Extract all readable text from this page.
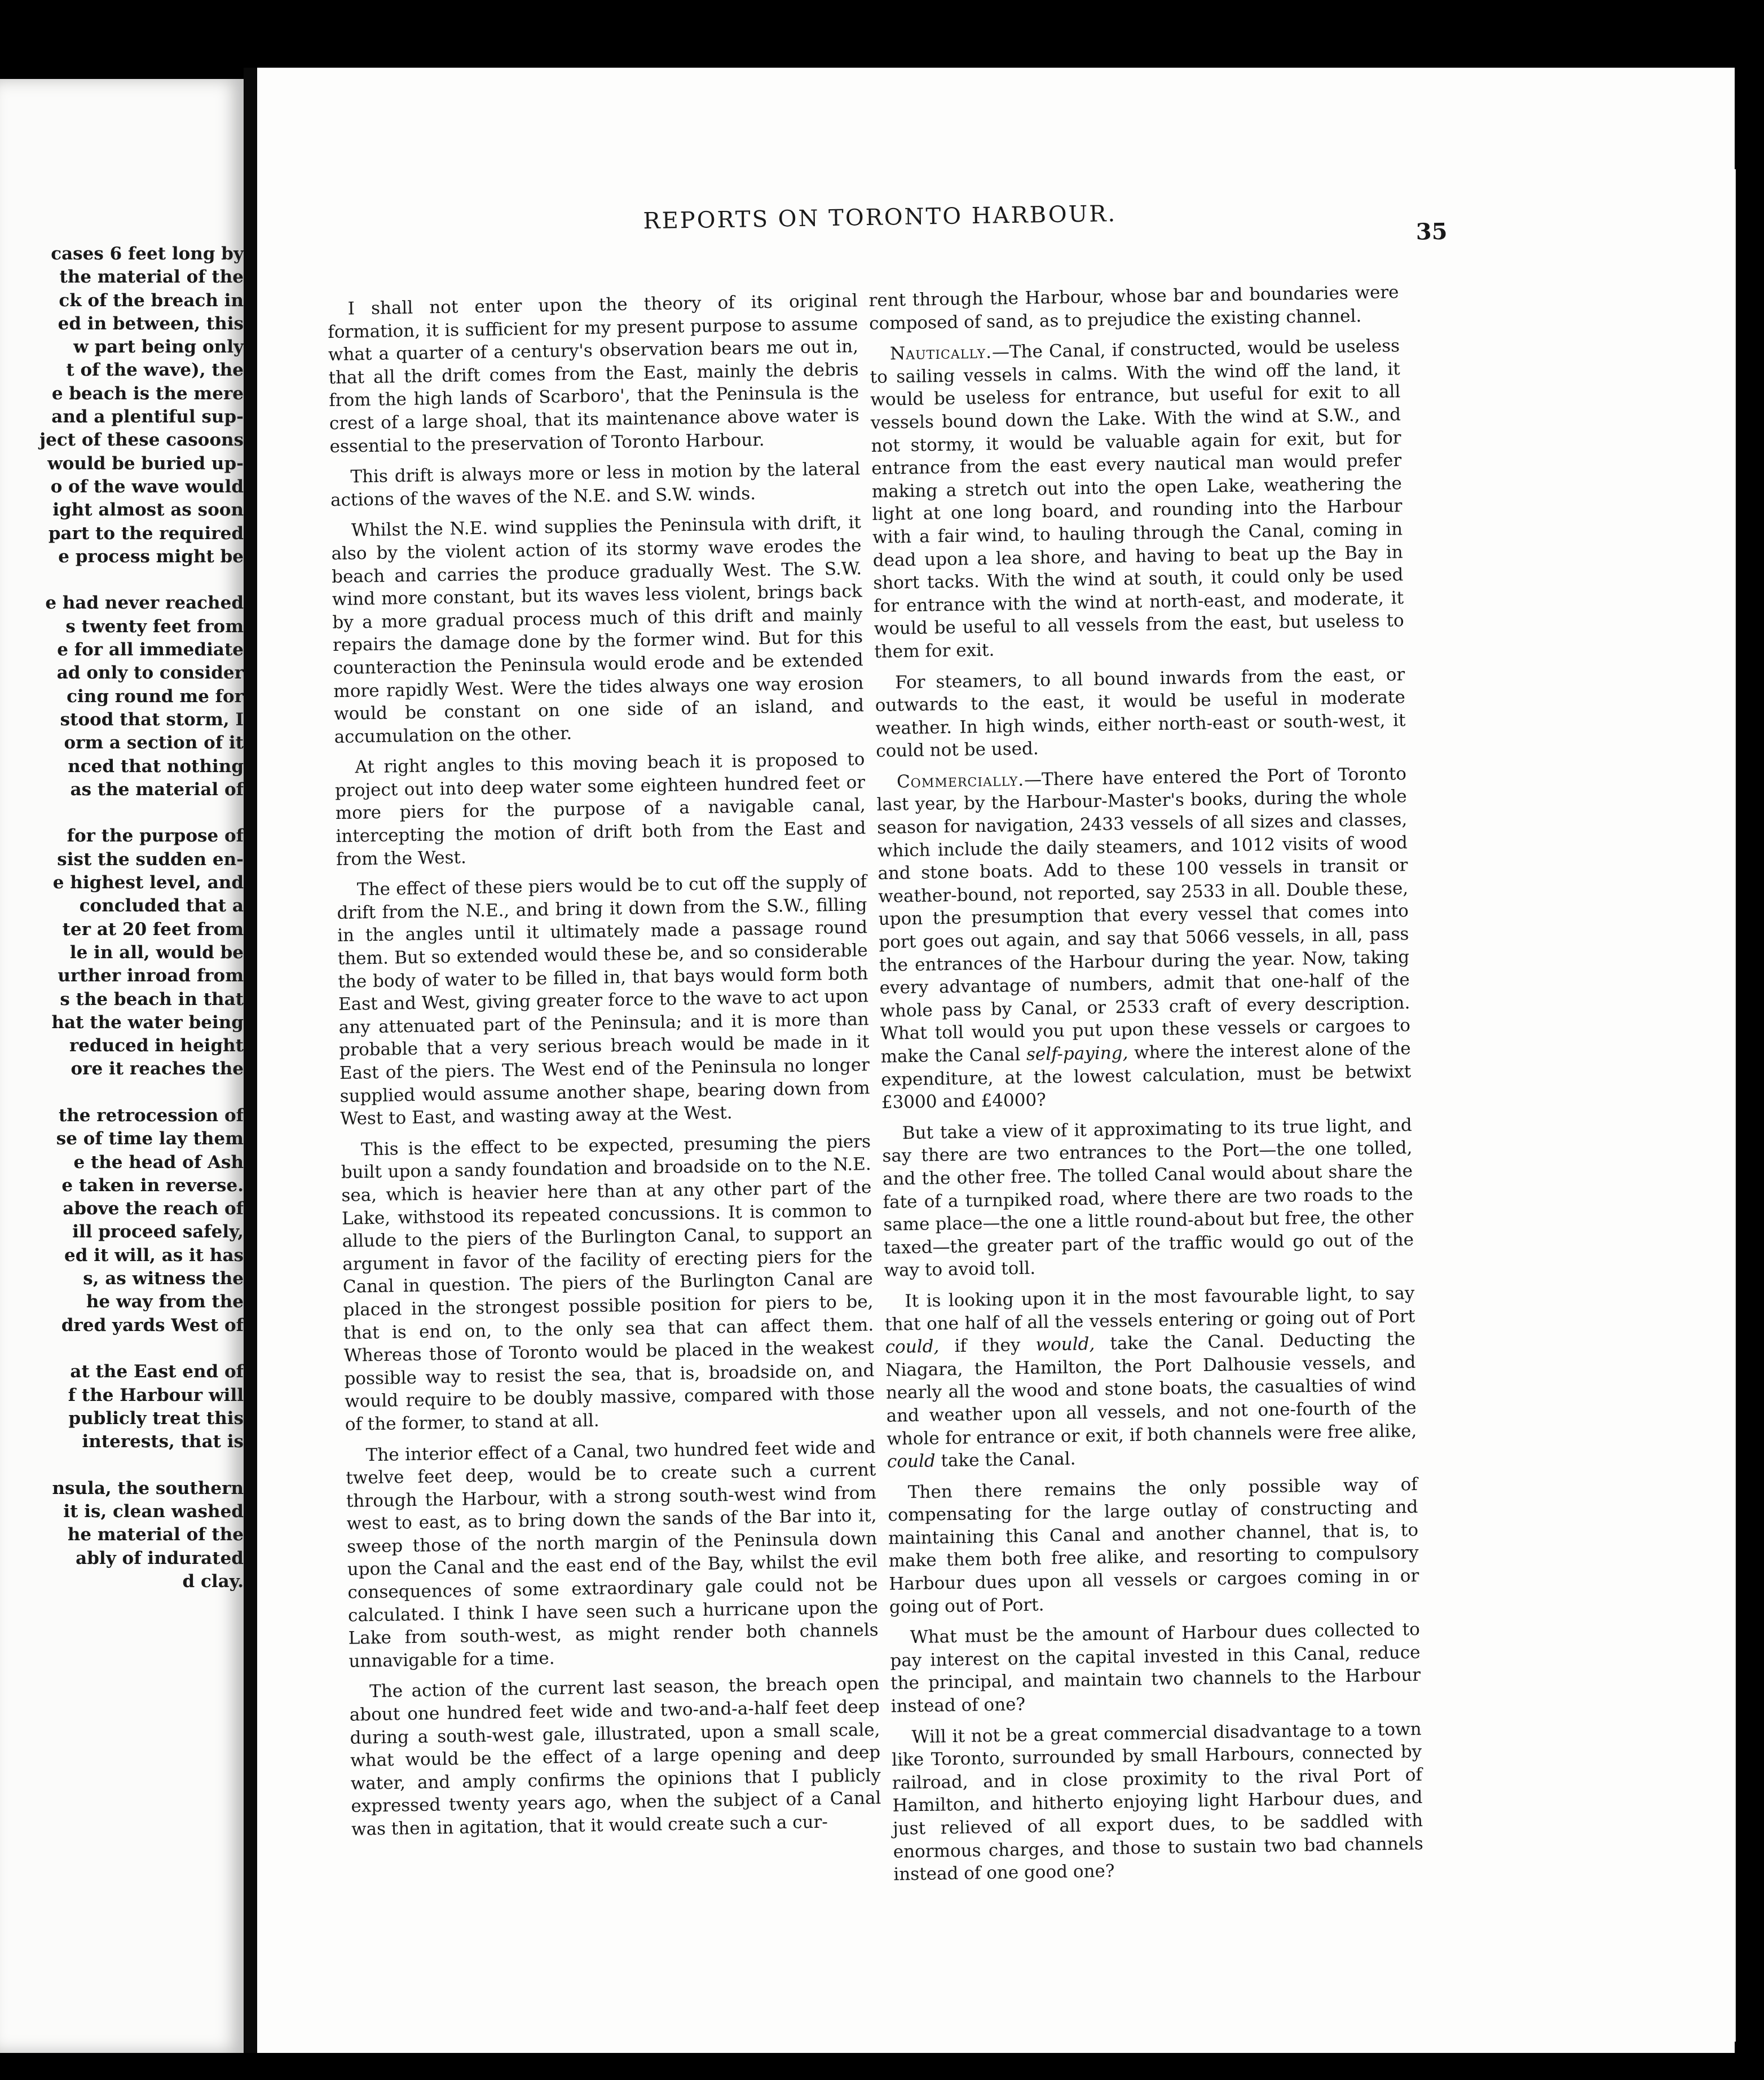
cases 6 feet long by
the material of the
ck of the breach in
ed in between, this
w part being only
t of the wave), the
e beach is the mere
and a plentiful sup-
ject of these casoons
would be buried up-
o of the wave would
ight almost as soon
part to the required
e process might be
e had never reached
s twenty feet from
e for all immediate
ad only to consider
cing round me for
stood that storm, I
orm a section of it
nced that nothing
as the material of
for the purpose of
sist the sudden en-
e highest level, and
concluded that a
ter at 20 feet from
le in all, would be
urther inroad from
s the beach in that
hat the water being
reduced in height
ore it reaches the
the retrocession of
se of time lay them
e the head of Ash
e taken in reverse.
above the reach of
ill proceed safely,
ed it will, as it has
s, as witness the
he way from the
dred yards West of
at the East end of
f the Harbour will
publicly treat this
interests, that is
nsula, the southern
it is, clean washed
he material of the
ably of indurated
d clay.
REPORTS ON TORONTO HARBOUR.	35

I shall not enter upon the theory of its original formation, it is sufficient for my present purpose to assume what a quarter of a century's observation bears me out in, that all the drift comes from the East, mainly the debris from the high lands of Scarboro', that the Peninsula is the crest of a large shoal, that its maintenance above water is essential to the preservation of Toronto Harbour.

This drift is always more or less in motion by the lateral actions of the waves of the N.E. and S.W. winds.

Whilst the N.E. wind supplies the Peninsula with drift, it also by the violent action of its stormy wave erodes the beach and carries the produce gradually West. The S.W. wind more constant, but its waves less violent, brings back by a more gradual process much of this drift and mainly repairs the damage done by the former wind. But for this counteraction the Peninsula would erode and be extended more rapidly West. Were the tides always one way erosion would be constant on one side of an island, and accumulation on the other.

At right angles to this moving beach it is proposed to project out into deep water some eighteen hundred feet or more piers for the purpose of a navigable canal, intercepting the motion of drift both from the East and from the West.

The effect of these piers would be to cut off the supply of drift from the N.E., and bring it down from the S.W., filling in the angles until it ultimately made a passage round them. But so extended would these be, and so considerable the body of water to be filled in, that bays would form both East and West, giving greater force to the wave to act upon any attenuated part of the Peninsula; and it is more than probable that a very serious breach would be made in it East of the piers. The West end of the Peninsula no longer supplied would assume another shape, bearing down from West to East, and wasting away at the West.

This is the effect to be expected, presuming the piers built upon a sandy foundation and broadside on to the N.E. sea, which is heavier here than at any other part of the Lake, withstood its repeated concussions. It is common to allude to the piers of the Burlington Canal, to support an argument in favor of the facility of erecting piers for the Canal in question. The piers of the Burlington Canal are placed in the strongest possible position for piers to be, that is end on, to the only sea that can affect them. Whereas those of Toronto would be placed in the weakest possible way to resist the sea, that is, broadside on, and would require to be doubly massive, compared with those of the former, to stand at all.

The interior effect of a Canal, two hundred feet wide and twelve feet deep, would be to create such a current through the Harbour, with a strong south-west wind from west to east, as to bring down the sands of the Bar into it, sweep those of the north margin of the Peninsula down upon the Canal and the east end of the Bay, whilst the evil consequences of some extraordinary gale could not be calculated. I think I have seen such a hurricane upon the Lake from south-west, as might render both channels unnavigable for a time.

The action of the current last season, the breach open about one hundred feet wide and two-and-a-half feet deep during a south-west gale, illustrated, upon a small scale, what would be the effect of a large opening and deep water, and amply confirms the opinions that I publicly expressed twenty years ago, when the subject of a Canal was then in agitation, that it would create such a cur-

rent through the Harbour, whose bar and boundaries were composed of sand, as to prejudice the existing channel.

Nautically.—The Canal, if constructed, would be useless to sailing vessels in calms. With the wind off the land, it would be useless for entrance, but useful for exit to all vessels bound down the Lake. With the wind at S.W., and not stormy, it would be valuable again for exit, but for entrance from the east every nautical man would prefer making a stretch out into the open Lake, weathering the light at one long board, and rounding into the Harbour with a fair wind, to hauling through the Canal, coming in dead upon a lea shore, and having to beat up the Bay in short tacks. With the wind at south, it could only be used for entrance with the wind at north-east, and moderate, it would be useful to all vessels from the east, but useless to them for exit.

For steamers, to all bound inwards from the east, or outwards to the east, it would be useful in moderate weather. In high winds, either north-east or south-west, it could not be used.

Commercially.—There have entered the Port of Toronto last year, by the Harbour-Master's books, during the whole season for navigation, 2433 vessels of all sizes and classes, which include the daily steamers, and 1012 visits of wood and stone boats. Add to these 100 vessels in transit or weather-bound, not reported, say 2533 in all. Double these, upon the presumption that every vessel that comes into port goes out again, and say that 5066 vessels, in all, pass the entrances of the Harbour during the year. Now, taking every advantage of numbers, admit that one-half of the whole pass by Canal, or 2533 craft of every description. What toll would you put upon these vessels or cargoes to make the Canal self-paying, where the interest alone of the expenditure, at the lowest calculation, must be betwixt £3000 and £4000?

But take a view of it approximating to its true light, and say there are two entrances to the Port—the one tolled, and the other free. The tolled Canal would about share the fate of a turnpiked road, where there are two roads to the same place—the one a little round-about but free, the other taxed—the greater part of the traffic would go out of the way to avoid toll.

It is looking upon it in the most favourable light, to say that one half of all the vessels entering or going out of Port could, if they would, take the Canal. Deducting the Niagara, the Hamilton, the Port Dalhousie vessels, and nearly all the wood and stone boats, the casualties of wind and weather upon all vessels, and not one-fourth of the whole for entrance or exit, if both channels were free alike, could take the Canal.

Then there remains the only possible way of compensating for the large outlay of constructing and maintaining this Canal and another channel, that is, to make them both free alike, and resorting to compulsory Harbour dues upon all vessels or cargoes coming in or going out of Port.

What must be the amount of Harbour dues collected to pay interest on the capital invested in this Canal, reduce the principal, and maintain two channels to the Harbour instead of one?

Will it not be a great commercial disadvantage to a town like Toronto, surrounded by small Harbours, connected by railroad, and in close proximity to the rival Port of Hamilton, and hitherto enjoying light Harbour dues, and just relieved of all export dues, to be saddled with enormous charges, and those to sustain two bad channels instead of one good one?
